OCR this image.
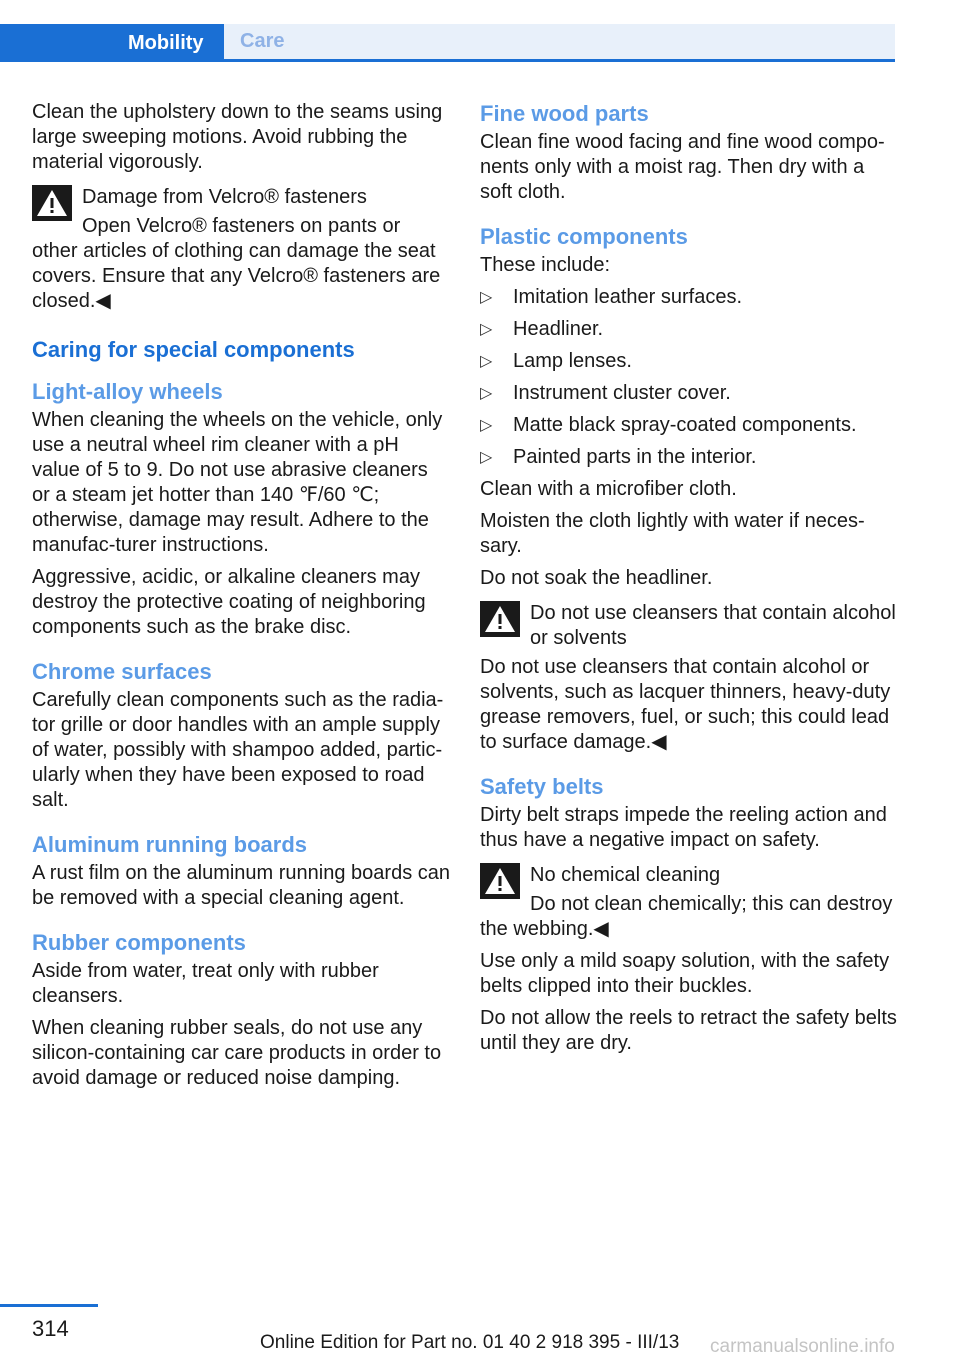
Mobility	Care

Clean the upholstery down to the seams using large sweeping motions. Avoid rubbing the material vigorously.

Damage from Velcro® fasteners
Open Velcro® fasteners on pants or
other articles of clothing can damage the seat covers. Ensure that any Velcro® fasteners are closed.◀
Caring for special components
Light-alloy wheels

When cleaning the wheels on the vehicle, only use a neutral wheel rim cleaner with a pH value of 5 to 9. Do not use abrasive cleaners or a steam jet hotter than 140 ℉/60 ℃; otherwise, damage may result. Adhere to the manufac-turer instructions.

Aggressive, acidic, or alkaline cleaners may destroy the protective coating of neighboring components such as the brake disc.

Chrome surfaces

Carefully clean components such as the radia-tor grille or door handles with an ample supply of water, possibly with shampoo added, partic-ularly when they have been exposed to road salt.

Aluminum running boards

A rust film on the aluminum running boards can be removed with a special cleaning agent.

Rubber components

Aside from water, treat only with rubber cleansers.

When cleaning rubber seals, do not use any silicon-containing car care products in order to avoid damage or reduced noise damping.

Fine wood parts

Clean fine wood facing and fine wood compo-nents only with a moist rag. Then dry with a soft cloth.

Plastic components

These include:

▷ Imitation leather surfaces.
▷ Headliner.
▷ Lamp lenses.
▷ Instrument cluster cover.
▷ Matte black spray-coated components.
▷ Painted parts in the interior.

Clean with a microfiber cloth.

Moisten the cloth lightly with water if neces-sary.

Do not soak the headliner.

Do not use cleansers that contain alcohol or solvents
Do not use cleansers that contain alcohol or solvents, such as lacquer thinners, heavy-duty grease removers, fuel, or such; this could lead to surface damage.◀
Safety belts

Dirty belt straps impede the reeling action and thus have a negative impact on safety.

No chemical cleaning
Do not clean chemically; this can destroy
the webbing.◀

Use only a mild soapy solution, with the safety belts clipped into their buckles.

Do not allow the reels to retract the safety belts until they are dry.

314
Online Edition for Part no. 01 40 2 918 395 - III/13 carmanualsonline.info
